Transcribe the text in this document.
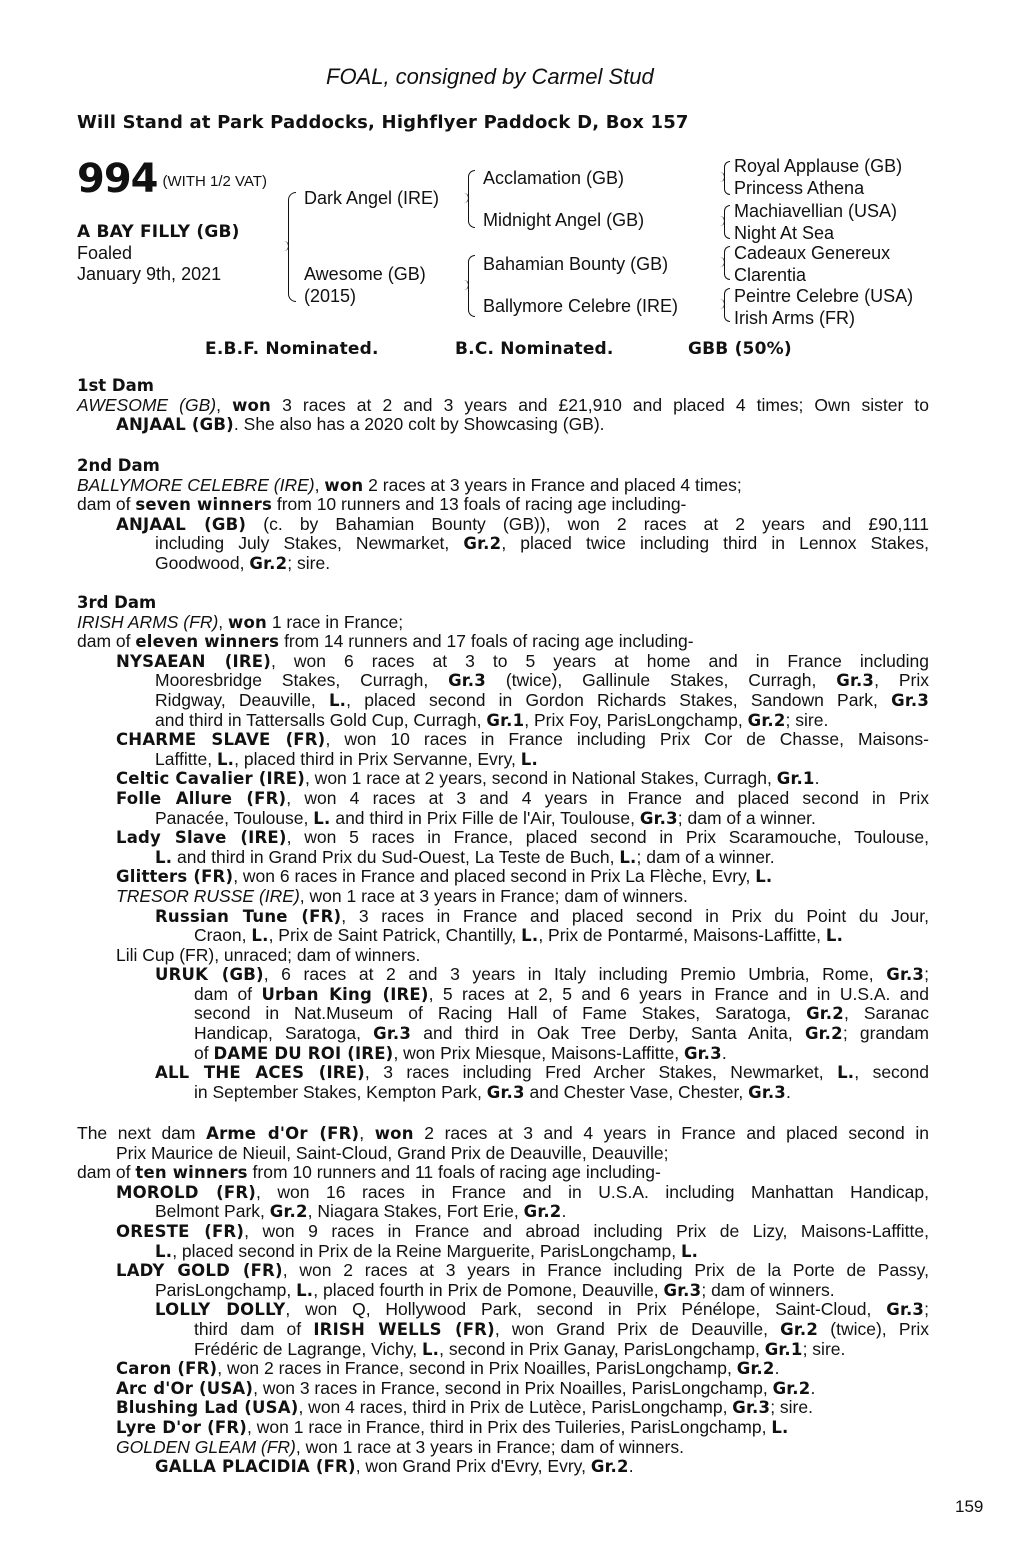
FOAL, consigned by Carmel Stud
Will Stand at Park Paddocks, Highflyer Paddock D, Box 157
994 $^{(WITH 1/2 VAT)}$
A BAY FILLY (GB)
Foaled
January 9th, 2021
Dark Angel (IRE)
Awesome (GB)
(2015)
Acclamation (GB)
Midnight Angel (GB)
Bahamian Bounty (GB)
Ballymore Celebre (IRE)
Royal Applause (GB)
Princess Athena
Machiavellian (USA)
Night At Sea
Cadeaux Genereux
Clarentia
Peintre Celebre (USA)
Irish Arms (FR)
E.B.F. Nominated.	B.C. Nominated.	GBB (50%)
1st Dam
AWESOME (GB), won 3 races at 2 and 3 years and £21,910 and placed 4 times; Own sister to
ANJAAL (GB). She also has a 2020 colt by Showcasing (GB).
2nd Dam
BALLYMORE CELEBRE (IRE), won 2 races at 3 years in France and placed 4 times;
dam of seven winners from 10 runners and 13 foals of racing age including-
ANJAAL (GB) (c. by Bahamian Bounty (GB)), won 2 races at 2 years and £90,111
including July Stakes, Newmarket, Gr.2, placed twice including third in Lennox Stakes,
Goodwood, Gr.2; sire.
3rd Dam
IRISH ARMS (FR), won 1 race in France;
dam of eleven winners from 14 runners and 17 foals of racing age including-
NYSAEAN (IRE), won 6 races at 3 to 5 years at home and in France including
Mooresbridge Stakes, Curragh, Gr.3 (twice), Gallinule Stakes, Curragh, Gr.3, Prix
Ridgway, Deauville, L., placed second in Gordon Richards Stakes, Sandown Park, Gr.3
and third in Tattersalls Gold Cup, Curragh, Gr.1, Prix Foy, ParisLongchamp, Gr.2; sire.
CHARME SLAVE (FR), won 10 races in France including Prix Cor de Chasse, Maisons-
Laffitte, L., placed third in Prix Servanne, Evry, L.
Celtic Cavalier (IRE), won 1 race at 2 years, second in National Stakes, Curragh, Gr.1.
Folle Allure (FR), won 4 races at 3 and 4 years in France and placed second in Prix
Panacée, Toulouse, L. and third in Prix Fille de l'Air, Toulouse, Gr.3; dam of a winner.
Lady Slave (IRE), won 5 races in France, placed second in Prix Scaramouche, Toulouse,
L. and third in Grand Prix du Sud-Ouest, La Teste de Buch, L.; dam of a winner.
Glitters (FR), won 6 races in France and placed second in Prix La Flèche, Evry, L.
TRESOR RUSSE (IRE), won 1 race at 3 years in France; dam of winners.
Russian Tune (FR), 3 races in France and placed second in Prix du Point du Jour,
Craon, L., Prix de Saint Patrick, Chantilly, L., Prix de Pontarmé, Maisons-Laffitte, L.
Lili Cup (FR), unraced; dam of winners.
URUK (GB), 6 races at 2 and 3 years in Italy including Premio Umbria, Rome, Gr.3;
dam of Urban King (IRE), 5 races at 2, 5 and 6 years in France and in U.S.A. and
second in Nat.Museum of Racing Hall of Fame Stakes, Saratoga, Gr.2, Saranac
Handicap, Saratoga, Gr.3 and third in Oak Tree Derby, Santa Anita, Gr.2; grandam
of DAME DU ROI (IRE), won Prix Miesque, Maisons-Laffitte, Gr.3.
ALL THE ACES (IRE), 3 races including Fred Archer Stakes, Newmarket, L., second
in September Stakes, Kempton Park, Gr.3 and Chester Vase, Chester, Gr.3.
The next dam Arme d'Or (FR), won 2 races at 3 and 4 years in France and placed second in
Prix Maurice de Nieuil, Saint-Cloud, Grand Prix de Deauville, Deauville;
dam of ten winners from 10 runners and 11 foals of racing age including-
MOROLD (FR), won 16 races in France and in U.S.A. including Manhattan Handicap,
Belmont Park, Gr.2, Niagara Stakes, Fort Erie, Gr.2.
ORESTE (FR), won 9 races in France and abroad including Prix de Lizy, Maisons-Laffitte,
L., placed second in Prix de la Reine Marguerite, ParisLongchamp, L.
LADY GOLD (FR), won 2 races at 3 years in France including Prix de la Porte de Passy,
ParisLongchamp, L., placed fourth in Prix de Pomone, Deauville, Gr.3; dam of winners.
LOLLY DOLLY, won Q, Hollywood Park, second in Prix Pénélope, Saint-Cloud, Gr.3;
third dam of IRISH WELLS (FR), won Grand Prix de Deauville, Gr.2 (twice), Prix
Frédéric de Lagrange, Vichy, L., second in Prix Ganay, ParisLongchamp, Gr.1; sire.
Caron (FR), won 2 races in France, second in Prix Noailles, ParisLongchamp, Gr.2.
Arc d'Or (USA), won 3 races in France, second in Prix Noailles, ParisLongchamp, Gr.2.
Blushing Lad (USA), won 4 races, third in Prix de Lutèce, ParisLongchamp, Gr.3; sire.
Lyre D'or (FR), won 1 race in France, third in Prix des Tuileries, ParisLongchamp, L.
GOLDEN GLEAM (FR), won 1 race at 3 years in France; dam of winners.
GALLA PLACIDIA (FR), won Grand Prix d'Evry, Evry, Gr.2.
159
